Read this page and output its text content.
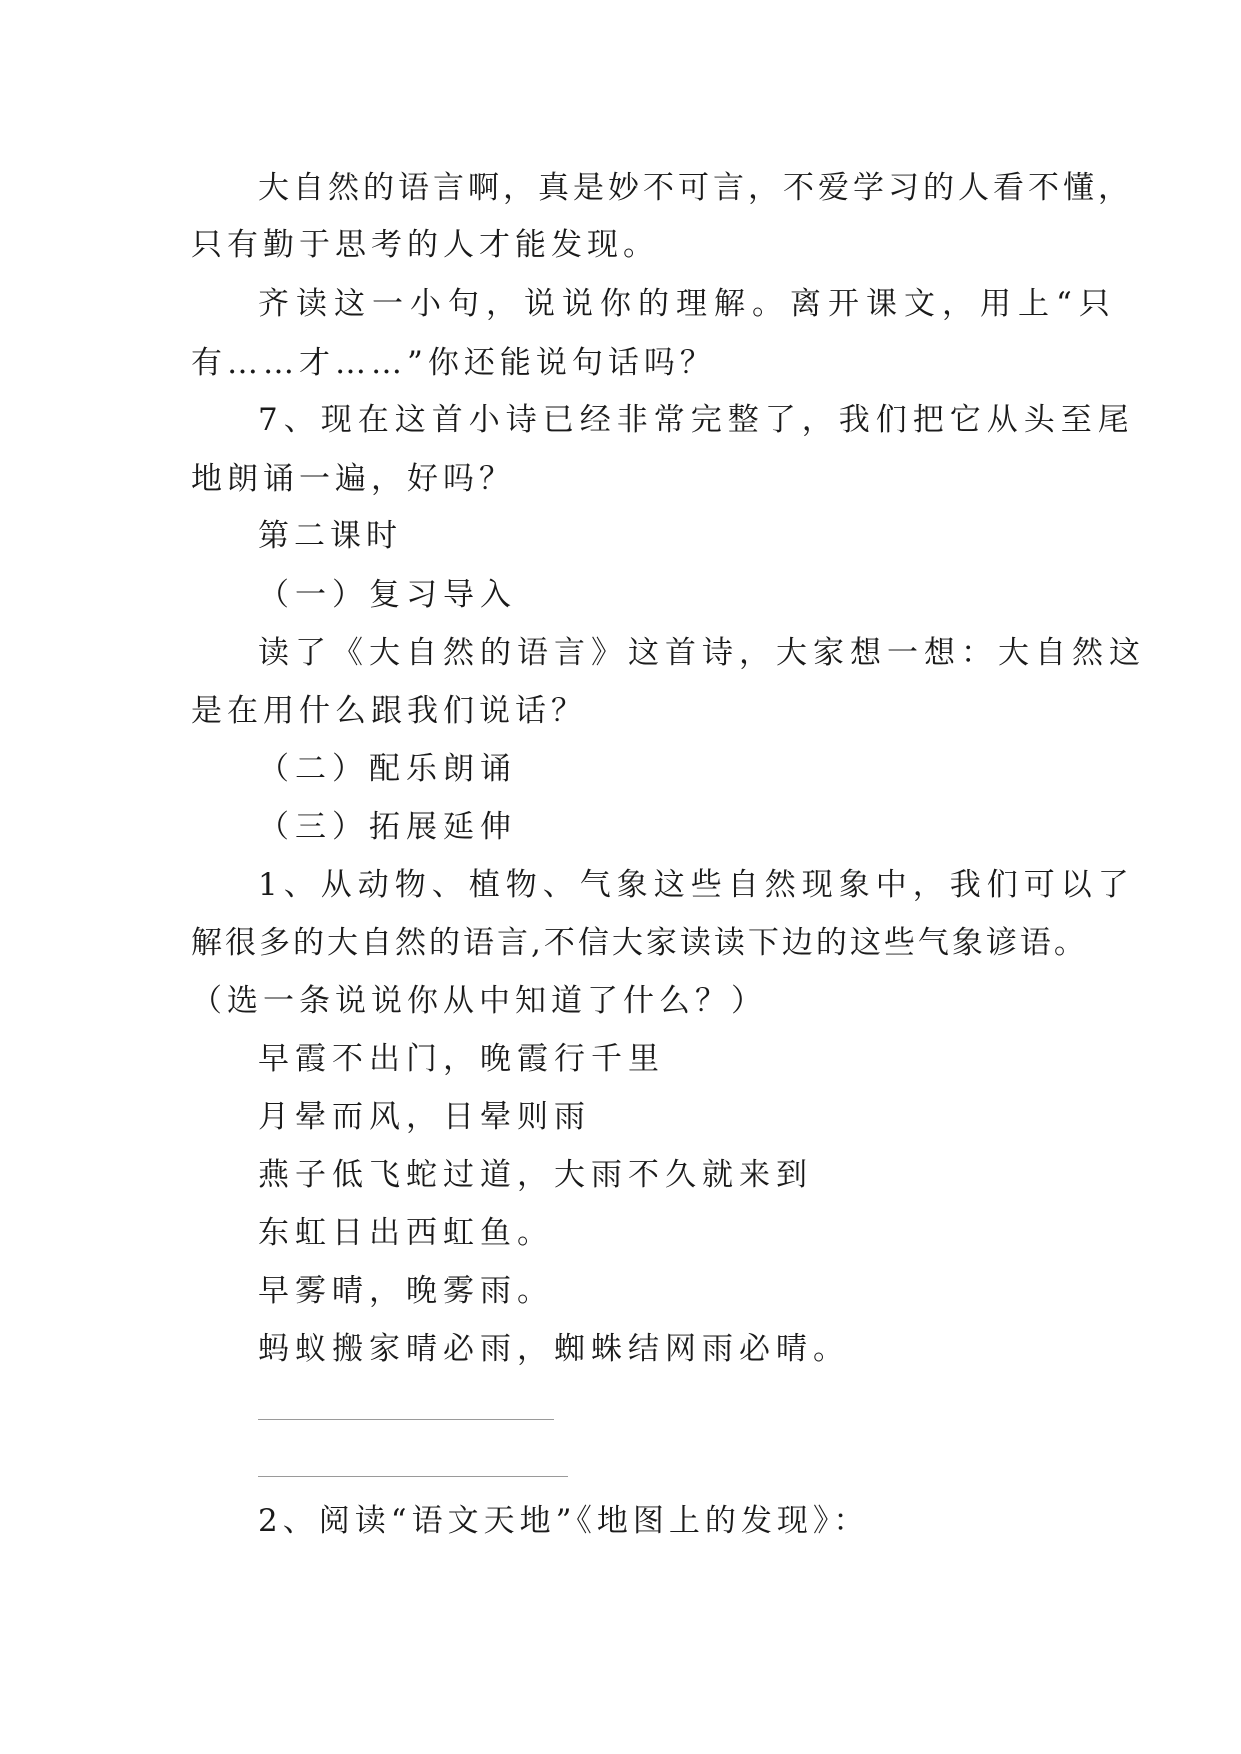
大自然的语言啊，真是妙不可言，不爱学习的人看不懂，
只有勤于思考的人才能发现。
齐读这一小句，说说你的理解。离开课文，用上“只
有……才……”你还能说句话吗？
7、现在这首小诗已经非常完整了，我们把它从头至尾
地朗诵一遍，好吗？
第二课时
（一）复习导入
读了《大自然的语言》这首诗，大家想一想：大自然这
是在用什么跟我们说话？
（二）配乐朗诵
（三）拓展延伸
1、从动物、植物、气象这些自然现象中，我们可以了
解很多的大自然的语言,不信大家读读下边的这些气象谚语。
（选一条说说你从中知道了什么？）
早霞不出门，晚霞行千里
月晕而风，日晕则雨
燕子低飞蛇过道，大雨不久就来到
东虹日出西虹鱼。
早雾晴，晚雾雨。
蚂蚁搬家晴必雨，蜘蛛结网雨必晴。
2、阅读“语文天地”《地图上的发现》：
